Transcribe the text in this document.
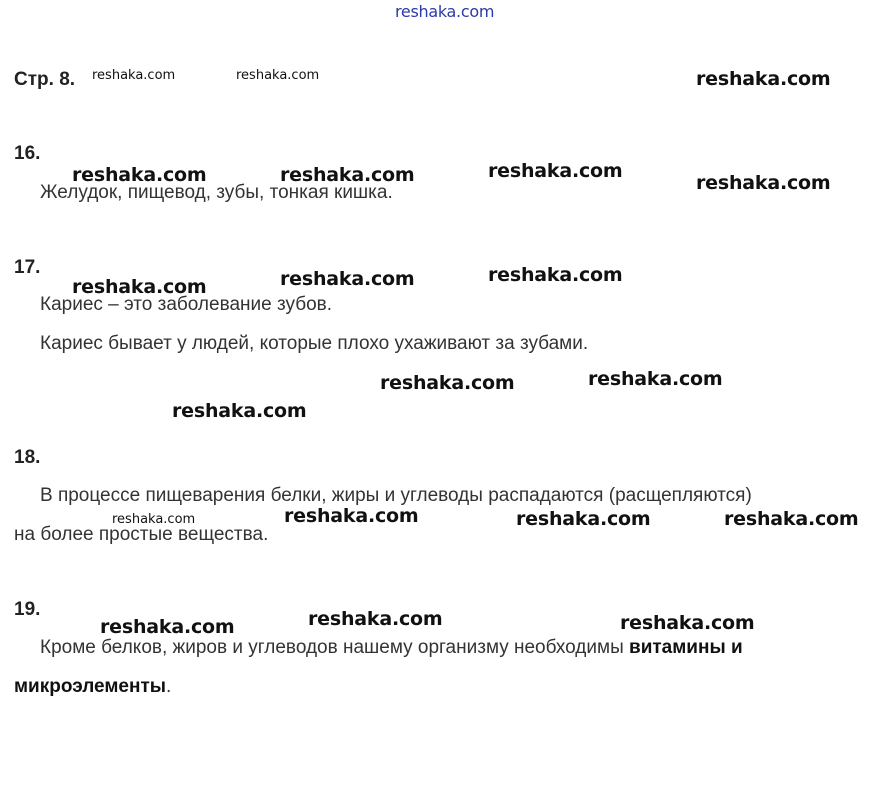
reshaka.com
Стр. 8.
16.
Желудок, пищевод, зубы, тонкая кишка.
17.
Кариес – это заболевание зубов.
Кариес бывает у людей, которые плохо ухаживают за зубами.
18.
В процессе пищеварения белки, жиры и углеводы распадаются (расщепляются)
на более простые вещества.
19.
Кроме белков, жиров и углеводов нашему организму необходимы витамины и
микроэлементы.
reshaka.com	reshaka.com	reshaka.com
reshaka.com	reshaka.com	reshaka.com
reshaka.com
reshaka.com	reshaka.com	reshaka.com
reshaka.com	reshaka.com
reshaka.com
reshaka.com	reshaka.com	reshaka.com	reshaka.com
reshaka.com	reshaka.com	reshaka.com
